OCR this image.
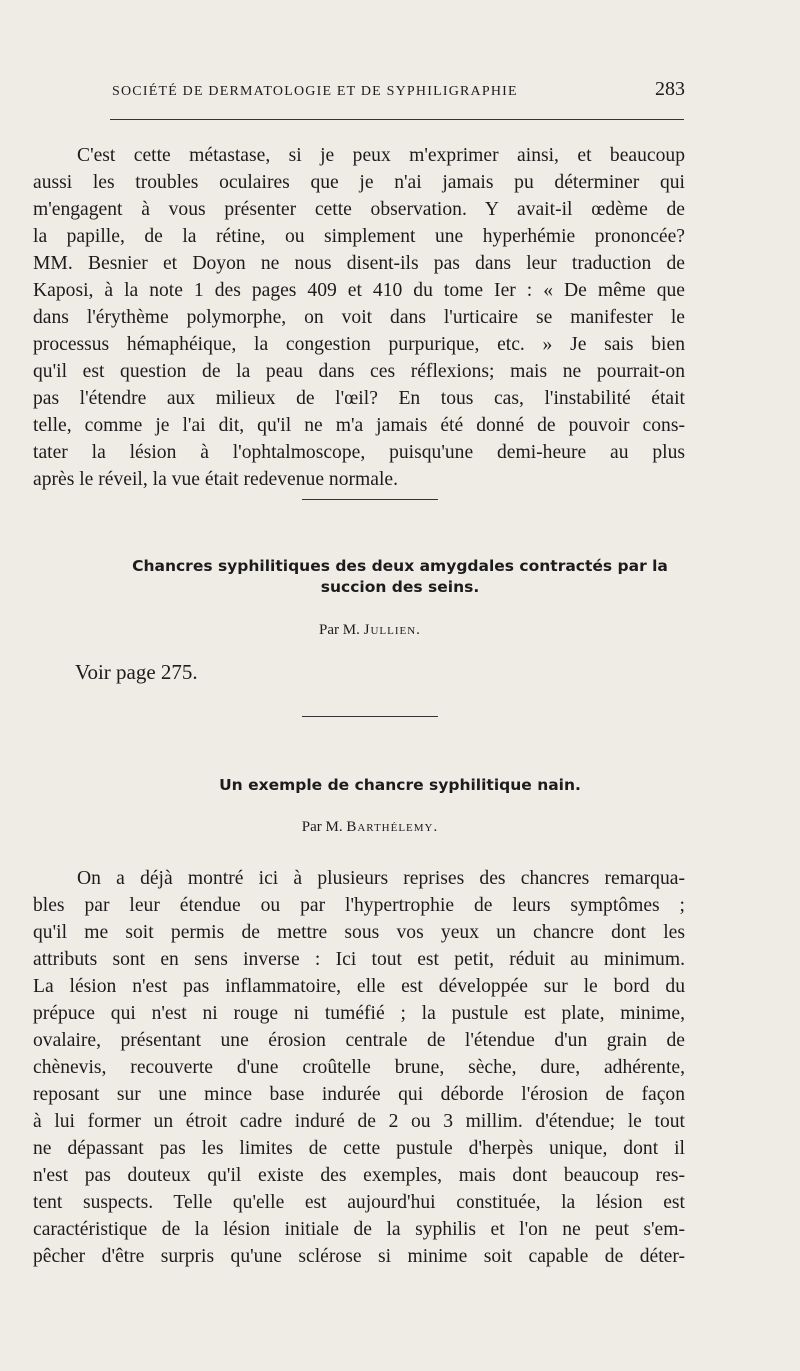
SOCIÉTÉ DE DERMATOLOGIE ET DE SYPHILIGRAPHIE	283
C'est cette métastase, si je peux m'exprimer ainsi, et beaucoup
aussi les troubles oculaires que je n'ai jamais pu déterminer qui
m'engagent à vous présenter cette observation. Y avait-il œdème de
la papille, de la rétine, ou simplement une hyperhémie prononcée?
MM. Besnier et Doyon ne nous disent-ils pas dans leur traduction de
Kaposi, à la note 1 des pages 409 et 410 du tome Ier : « De même que
dans l'érythème polymorphe, on voit dans l'urticaire se manifester le
processus hémaphéique, la congestion purpurique, etc. » Je sais bien
qu'il est question de la peau dans ces réflexions; mais ne pourrait-on
pas l'étendre aux milieux de l'œil? En tous cas, l'instabilité était
telle, comme je l'ai dit, qu'il ne m'a jamais été donné de pouvoir cons-
tater la lésion à l'ophtalmoscope, puisqu'une demi-heure au plus
après le réveil, la vue était redevenue normale.
Chancres syphilitiques des deux amygdales contractés par la
succion des seins.

Par M. Jullien.

Voir page 275.

Un exemple de chancre syphilitique nain.

Par M. Barthélemy.

On a déjà montré ici à plusieurs reprises des chancres remarqua-
bles par leur étendue ou par l'hypertrophie de leurs symptômes ;
qu'il me soit permis de mettre sous vos yeux un chancre dont les
attributs sont en sens inverse : Ici tout est petit, réduit au minimum.
La lésion n'est pas inflammatoire, elle est développée sur le bord du
prépuce qui n'est ni rouge ni tuméfié ; la pustule est plate, minime,
ovalaire, présentant une érosion centrale de l'étendue d'un grain de
chènevis, recouverte d'une croûtelle brune, sèche, dure, adhérente,
reposant sur une mince base indurée qui déborde l'érosion de façon
à lui former un étroit cadre induré de 2 ou 3 millim. d'étendue; le tout
ne dépassant pas les limites de cette pustule d'herpès unique, dont il
n'est pas douteux qu'il existe des exemples, mais dont beaucoup res-
tent suspects. Telle qu'elle est aujourd'hui constituée, la lésion est
caractéristique de la lésion initiale de la syphilis et l'on ne peut s'em-
pêcher d'être surpris qu'une sclérose si minime soit capable de déter-
